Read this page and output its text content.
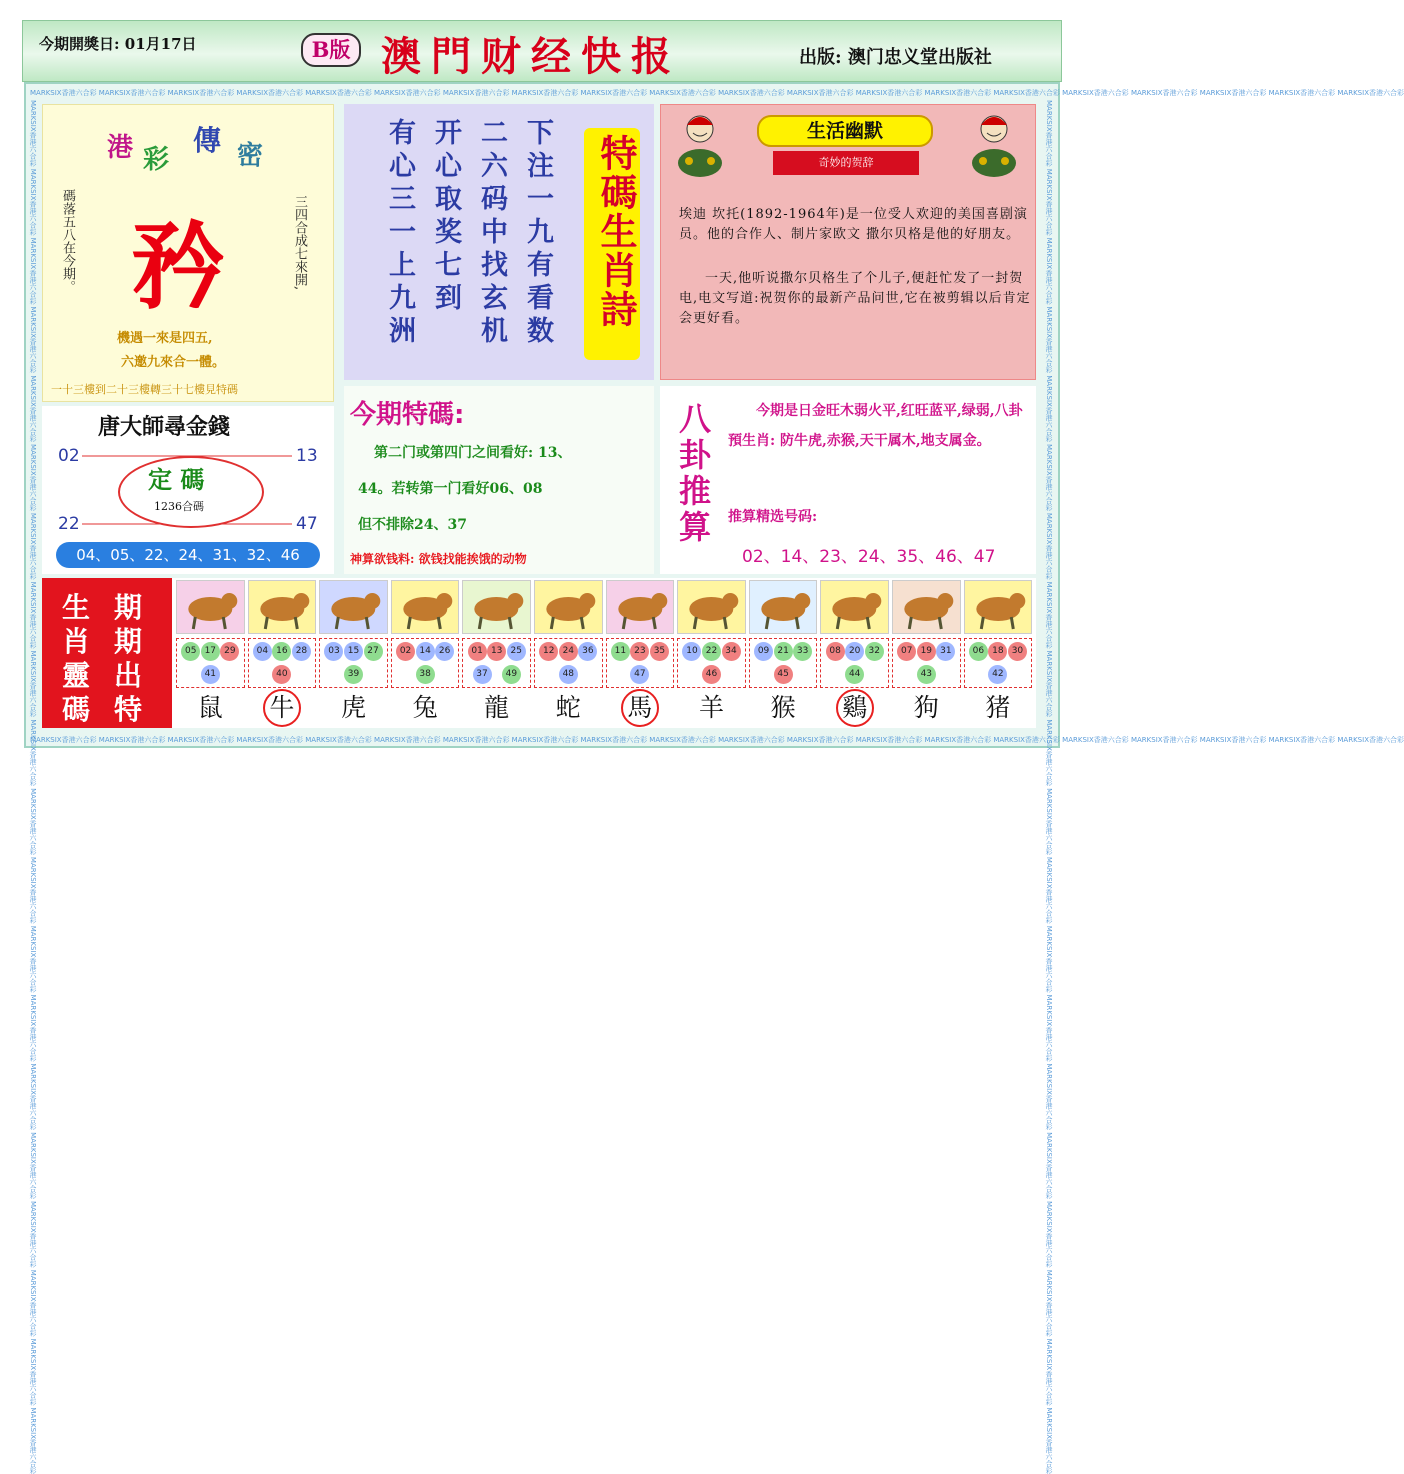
今期開獎日: 01月17日	B版 澳門财经快报	出版: 澳门忠义堂出版社
MARKSIX香港六合彩 MARKSIX香港六合彩 MARKSIX香港六合彩 MARKSIX香港六合彩 MARKSIX香港六合彩 MARKSIX香港六合彩 MARKSIX香港六合彩 MARKSIX香港六合彩 MARKSIX香港六合彩 MARKSIX香港六合彩 MARKSIX香港六合彩 MARKSIX香港六合彩 MARKSIX香港六合彩 MARKSIX香港六合彩 MARKSIX香港六合彩 MARKSIX香港六合彩 MARKSIX香港六合彩 MARKSIX香港六合彩 MARKSIX香港六合彩 MARKSIX香港六合彩
MARKSIX香港六合彩 MARKSIX香港六合彩 MARKSIX香港六合彩 MARKSIX香港六合彩 MARKSIX香港六合彩 MARKSIX香港六合彩 MARKSIX香港六合彩 MARKSIX香港六合彩 MARKSIX香港六合彩 MARKSIX香港六合彩 MARKSIX香港六合彩 MARKSIX香港六合彩 MARKSIX香港六合彩 MARKSIX香港六合彩 MARKSIX香港六合彩 MARKSIX香港六合彩 MARKSIX香港六合彩 MARKSIX香港六合彩 MARKSIX香港六合彩 MARKSIX香港六合彩
MARKSIX香港六合彩 MARKSIX香港六合彩 MARKSIX香港六合彩 MARKSIX香港六合彩 MARKSIX香港六合彩 MARKSIX香港六合彩 MARKSIX香港六合彩 MARKSIX香港六合彩 MARKSIX香港六合彩 MARKSIX香港六合彩 MARKSIX香港六合彩 MARKSIX香港六合彩 MARKSIX香港六合彩 MARKSIX香港六合彩 MARKSIX香港六合彩 MARKSIX香港六合彩 MARKSIX香港六合彩 MARKSIX香港六合彩 MARKSIX香港六合彩 MARKSIX香港六合彩	MARKSIX香港六合彩 MARKSIX香港六合彩 MARKSIX香港六合彩 MARKSIX香港六合彩 MARKSIX香港六合彩 MARKSIX香港六合彩 MARKSIX香港六合彩 MARKSIX香港六合彩 MARKSIX香港六合彩 MARKSIX香港六合彩 MARKSIX香港六合彩 MARKSIX香港六合彩 MARKSIX香港六合彩 MARKSIX香港六合彩 MARKSIX香港六合彩 MARKSIX香港六合彩 MARKSIX香港六合彩 MARKSIX香港六合彩 MARKSIX香港六合彩 MARKSIX香港六合彩
港 彩
傳 密
矜
碼落五八在今期。	三四合成七來開,
機遇一來是四五,
六邀九來合一體。
一十三樓到二十三樓轉三十七樓見特碼
有心三一上九洲 开心取奖七到 二六码中找玄机 下注一九有看数 特碼生肖詩
生活幽默
奇妙的贺辞
埃迪 坎托(1892-1964年)是一位受人欢迎的美国喜剧演员。他的合作人、制片家欧文 撒尔贝格是他的好朋友。
一天,他听说撒尔贝格生了个儿子,便赶忙发了一封贺电,电文写道:祝贺你的最新产品问世,它在被剪辑以后肯定会更好看。
唐大師尋金錢
02	13
22	47
定 碼
1236合碼
04、05、22、24、31、32、46
今期特碼:
第二门或第四门之间看好: 13、
44。若转第一门看好06、08
但不排除24、37
神算欲钱料: 欲钱找能挨饿的动物
八卦推算	今期是日金旺木弱火平,红旺蓝平,绿弱,八卦預生肖: 防牛虎,赤猴,天干属木,地支属金。
推算精选号码:
02、14、23、24、35、46、47
生 期
肖 期
靈 出
碼 特
05 17 29
41
鼠
04 16 28
40
牛
03 15 27
39
虎
02 14 26
38
兔
01 13 25
37	49
龍
12 24 36
48
蛇
11 23 35
47
馬
10 22 34
46
羊
09 21 33
45
猴
08 20 32
44
鷄
07 19 31
43
狗
06 18 30
42
猪
